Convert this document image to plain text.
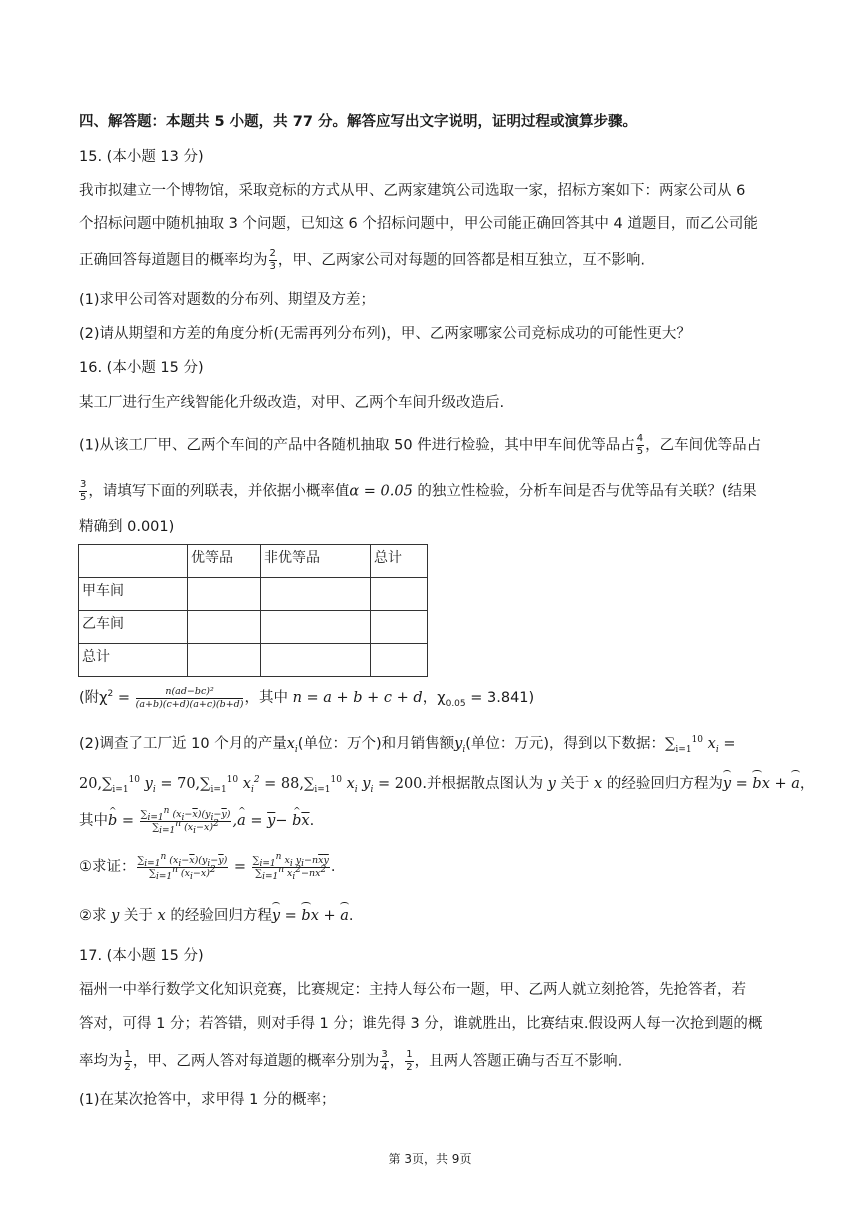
四、解答题：本题共 5 小题，共 77 分。解答应写出文字说明，证明过程或演算步骤。
15. (本小题 13 分)
我市拟建立一个博物馆，采取竞标的方式从甲、乙两家建筑公司选取一家，招标方案如下：两家公司从 6
个招标问题中随机抽取 3 个问题，已知这 6 个招标问题中，甲公司能正确回答其中 4 道题目，而乙公司能
正确回答每道题目的概率均为 $\frac{2}{3}$ ，甲、乙两家公司对每题的回答都是相互独立，互不影响.
(1)求甲公司答对题数的分布列、期望及方差；
(2)请从期望和方差的角度分析(无需再列分布列)，甲、乙两家哪家公司竞标成功的可能性更大？
16. (本小题 15 分)
某工厂进行生产线智能化升级改造，对甲、乙两个车间升级改造后.
(1)从该工厂甲、乙两个车间的产品中各随机抽取 50 件进行检验，其中甲车间优等品占 $\frac{4}{5}$ ，乙车间优等品占
$\frac{3}{5}$ ，请填写下面的列联表，并依据小概率值α = 0.05 的独立性检验，分析车间是否与优等品有关联？(结果
精确到 0.001)
	优等品	非优等品	总计
甲车间			
乙车间			
总计			
(附$\chi^2 = \frac{\text{n(ad−bc)²}}{(a+b)(c+d)(a+c)(b+d)}$ ，其中 n = a + b + c + d，$\chi_{0.05} = 3.841$)
(2)调查了工厂近 10 个月的产量$x_i$(单位：万个)和月销售额$y_i$(单位：万元)，得到以下数据：$\sum_{i=1}^{10}$ $x_i$ =
$20,\sum_{i=1}^{10}$ $y_i = 70,\sum_{i=1}^{10}$ $x_i^2 = 88,\sum_{i=1}^{10}$ $x_i$ $y_i = 200$.并根据散点图认为 y 关于 x 的经验回归方程为y = bx + a，
其中^ $b = \frac{\sum_{i=1}^n (x_i-\overline{x})(y_i-\overline{y})}{\sum_{i=1}^n (x_i-\overline{x})^2}$ ,^ $a = \overline{y}-$ ^ $b\overline{x}$.
①求证： $\frac{\sum_{i=1}^n (x_i-\overline{x})(y_i-\overline{y})}{\sum_{i=1}^n (x_i-\overline{x})^2} = \frac{\sum_{i=1}^n x_i y_i-n\overline{x}\overline{y}}{\sum_{i=1}^n x_i^2-n\overline{x}^2}$ .
②求 y 关于 x 的经验回归方程y = bx + a.
17. (本小题 15 分)
福州一中举行数学文化知识竞赛，比赛规定：主持人每公布一题，甲、乙两人就立刻抢答，先抢答者，若
答对，可得 1 分；若答错，则对手得 1 分；谁先得 3 分，谁就胜出，比赛结束.假设两人每一次抢到题的概
率均为 $\frac{1}{2}$ ，甲、乙两人答对每道题的概率分别为 $\frac{3}{4}$ ， $\frac{1}{2}$ ，且两人答题正确与否互不影响.
(1)在某次抢答中，求甲得 1 分的概率；
第 3页，共 9页
